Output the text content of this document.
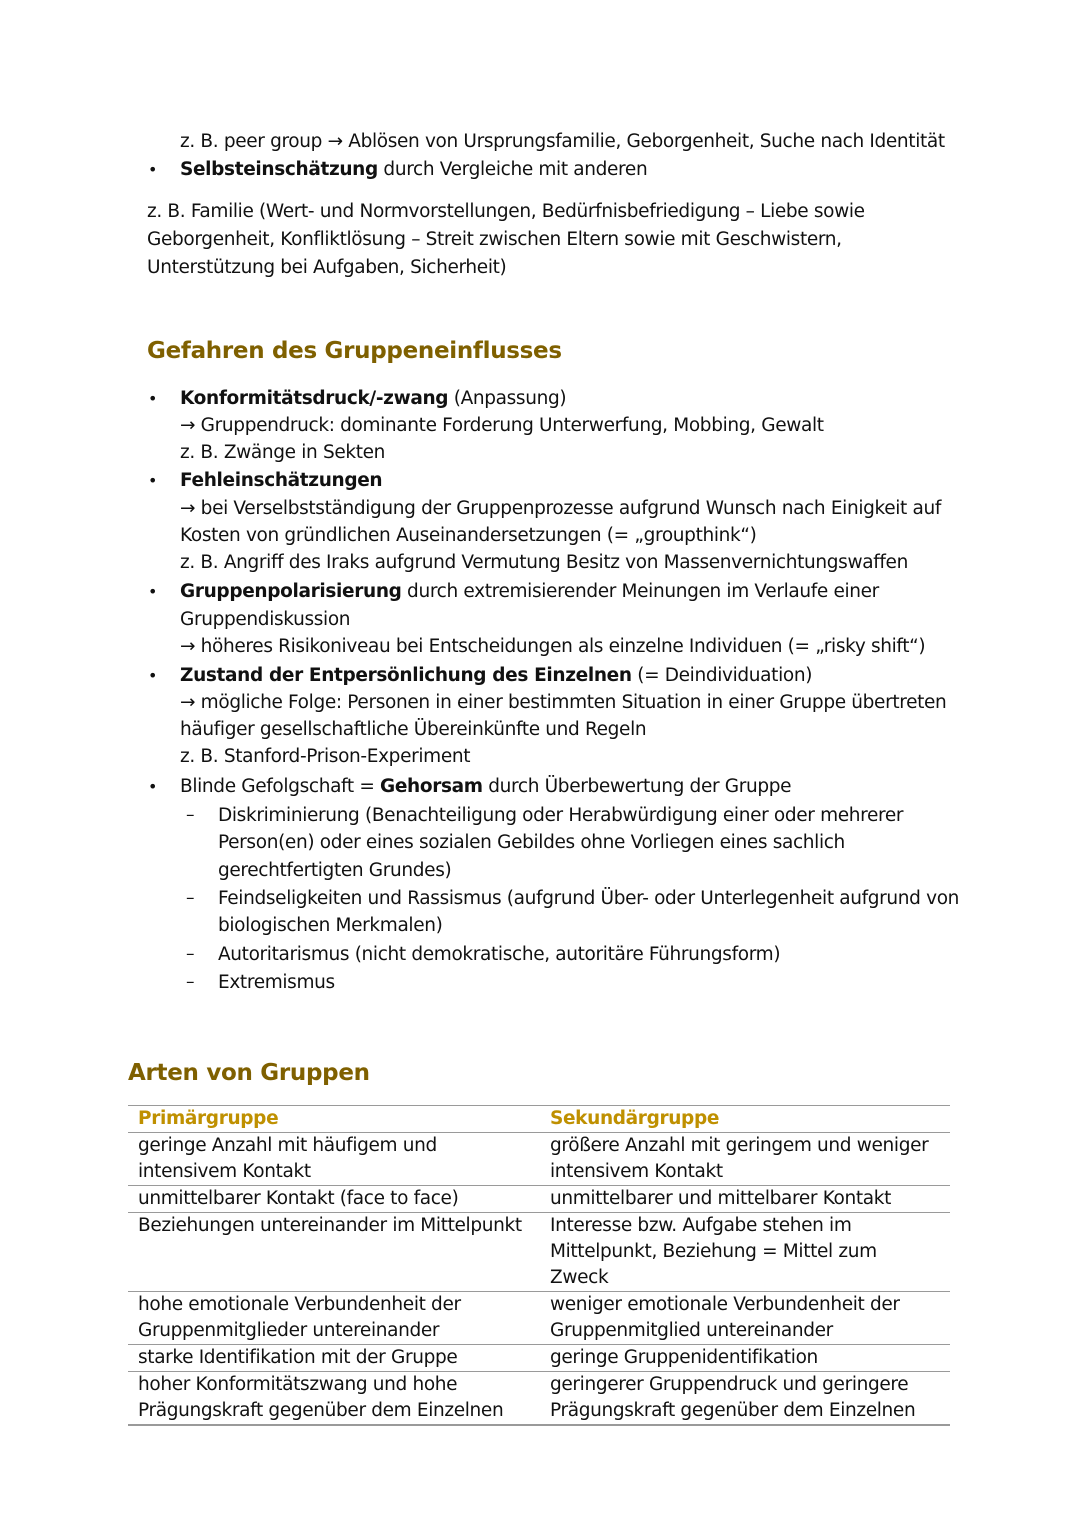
z. B. peer group → Ablösen von Ursprungsfamilie, Geborgenheit, Suche nach Identität
• Selbsteinschätzung durch Vergleiche mit anderen
z. B. Familie (Wert- und Normvorstellungen, Bedürfnisbefriedigung – Liebe sowie
Geborgenheit, Konfliktlösung – Streit zwischen Eltern sowie mit Geschwistern,
Unterstützung bei Aufgaben, Sicherheit)
Gefahren des Gruppeneinflusses
• Konformitätsdruck/-zwang (Anpassung)
→ Gruppendruck: dominante Forderung Unterwerfung, Mobbing, Gewalt
z. B. Zwänge in Sekten
• Fehleinschätzungen
→ bei Verselbstständigung der Gruppenprozesse aufgrund Wunsch nach Einigkeit auf
Kosten von gründlichen Auseinandersetzungen (= „groupthink“)
z. B. Angriff des Iraks aufgrund Vermutung Besitz von Massenvernichtungswaffen
• Gruppenpolarisierung durch extremisierender Meinungen im Verlaufe einer
Gruppendiskussion
→ höheres Risikoniveau bei Entscheidungen als einzelne Individuen (= „risky shift“)
• Zustand der Entpersönlichung des Einzelnen (= Deindividuation)
→ mögliche Folge: Personen in einer bestimmten Situation in einer Gruppe übertreten
häufiger gesellschaftliche Übereinkünfte und Regeln
z. B. Stanford-Prison-Experiment
• Blinde Gefolgschaft = Gehorsam durch Überbewertung der Gruppe
– Diskriminierung (Benachteiligung oder Herabwürdigung einer oder mehrerer
Person(en) oder eines sozialen Gebildes ohne Vorliegen eines sachlich
gerechtfertigten Grundes)
– Feindseligkeiten und Rassismus (aufgrund Über- oder Unterlegenheit aufgrund von
biologischen Merkmalen)
– Autoritarismus (nicht demokratische, autoritäre Führungsform)
– Extremismus
Arten von Gruppen
Primärgruppe	Sekundärgruppe
geringe Anzahl mit häufigem und intensivem Kontakt	größere Anzahl mit geringem und weniger intensivem Kontakt
unmittelbarer Kontakt (face to face)	unmittelbarer und mittelbarer Kontakt
Beziehungen untereinander im Mittelpunkt	Interesse bzw. Aufgabe stehen im Mittelpunkt, Beziehung = Mittel zum Zweck
hohe emotionale Verbundenheit der Gruppenmitglieder untereinander	weniger emotionale Verbundenheit der Gruppenmitglied untereinander
starke Identifikation mit der Gruppe	geringe Gruppenidentifikation
hoher Konformitätszwang und hohe Prägungskraft gegenüber dem Einzelnen	geringerer Gruppendruck und geringere Prägungskraft gegenüber dem Einzelnen
